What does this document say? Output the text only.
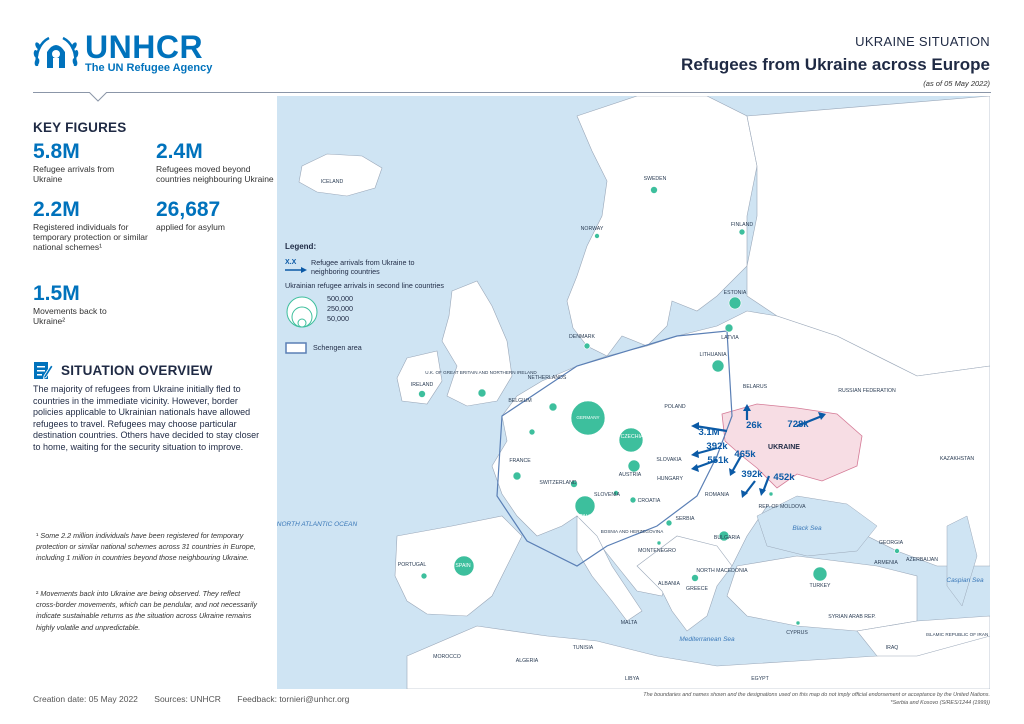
UNHCR
The UN Refugee Agency
UKRAINE SITUATION
Refugees from Ukraine across Europe
(as of 05 May 2022)
KEY FIGURES
5.8M
Refugee arrivals from Ukraine
2.4M
Refugees moved beyond countries neighbouring Ukraine
2.2M
Registered individuals for temporary protection or similar national schemes¹
26,687
applied for asylum
1.5M
Movements back to Ukraine²
SITUATION OVERVIEW
The majority of refugees from Ukraine initially fled to countries in the immediate vicinity. However, border policies applicable to Ukrainian nationals have allowed refugees to travel. Refugees may choose particular destination countries. Others have decided to stay closer to home, waiting for the security situation to improve.
¹ Some 2.2 million individuals have been registered for temporary protection or similar national schemes across 31 countries in Europe, including 1 million in countries beyond those neighbouring Ukraine.
² Movements back into Ukraine are being observed. They reflect cross-border movements, which can be pendular, and not necessarily indicate sustainable returns as the situation across Ukraine remains highly volatile and unpredictable.
3.1M
26k	728k
392k
551k
465k
392k 452k
ICELAND	SWEDEN
FINLAND
NORWAY
ESTONIA
LATVIA
LITHUANIA
DENMARK
U.K. OF GREAT BRITAIN AND NORTHERN IRELAND
IRELAND
NETHERLANDS
BELGIUM
GERMANY
POLAND
BELARUS
RUSSIAN FEDERATION
UKRAINE
CZECHIA
SLOVAKIA
AUSTRIA
HUNGARY
FRANCE
SWITZERLAND
SLOVENIA
CROATIA
ROMANIA
REP. OF MOLDOVA
ITALY	SERBIA
BOSNIA AND HERZEGOVINA
MONTENEGRO
BULGARIA
NORTH MACEDONIA
ALBANIA
GREECE	TURKEY
GEORGIA
ARMENIA AZERBAIJAN
KAZAKHSTAN
SPAIN
PORTUGAL
MALTA
CYPRUS
SYRIAN ARAB REP.
IRAQ
ISLAMIC REPUBLIC OF IRAN
MOROCCO
ALGERIA
TUNISIA
LIBYA	EGYPT
NORTH ATLANTIC OCEAN
Black Sea
Caspian Sea
Mediterranean Sea
Legend:
X.X	Refugee arrivals from Ukraine to neighboring countries
Ukrainian refugee arrivals in second line countries
500,000
250,000
50,000
Schengen area
Creation date: 05 May 2022 Sources: UNHCR Feedback: tornieri@unhcr.org	The boundaries and names shown and the designations used on this map do not imply official endorsement or acceptance by the United Nations.
*Serbia and Kosovo (S/RES/1244 (1999))
